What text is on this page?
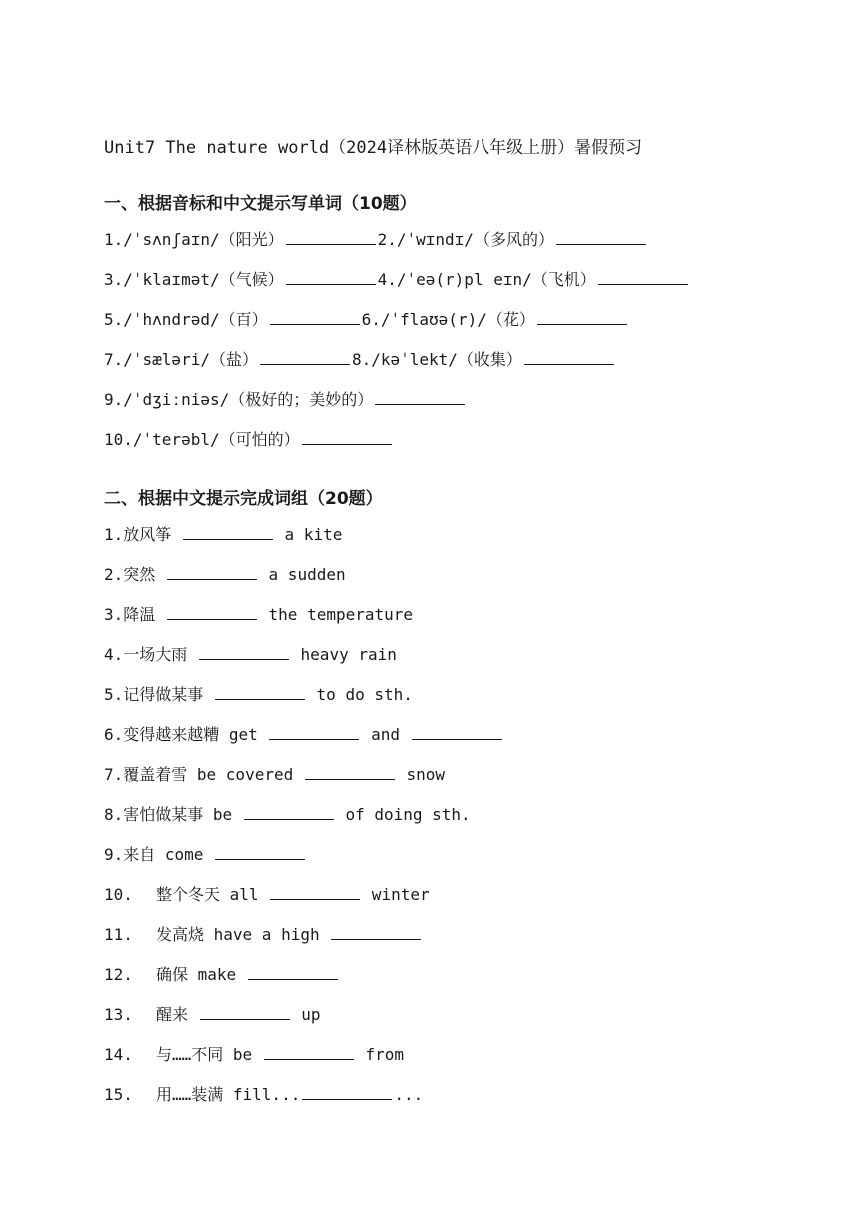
Unit7 The nature world（2024译林版英语八年级上册）暑假预习
一、根据音标和中文提示写单词（10题）
1./ˈsʌnʃaɪn/（阳光）	2./ˈwɪndɪ/（多风的）
3./ˈklaɪmət/（气候）	4./ˈeə(r)pl eɪn/（飞机）
5./ˈhʌndrəd/（百）	6./ˈflaʊə(r)/（花）
7./ˈsæləri/（盐）	8./kəˈlekt/（收集）
9./ˈdʒiːniəs/（极好的；美妙的）
10./ˈterəbl/（可怕的）
二、根据中文提示完成词组（20题）
1.放风筝	a kite
2.突然	a sudden
3.降温	the temperature
4.一场大雨	heavy rain
5.记得做某事	to do sth.
6.变得越来越糟 get	and
7.覆盖着雪 be covered	snow
8.害怕做某事 be	of doing sth.
9.来自 come
10. 整个冬天 all	winter
11. 发高烧 have a high
12. 确保 make
13. 醒来	up
14. 与……不同 be	from
15. 用……装满 fill...	...
